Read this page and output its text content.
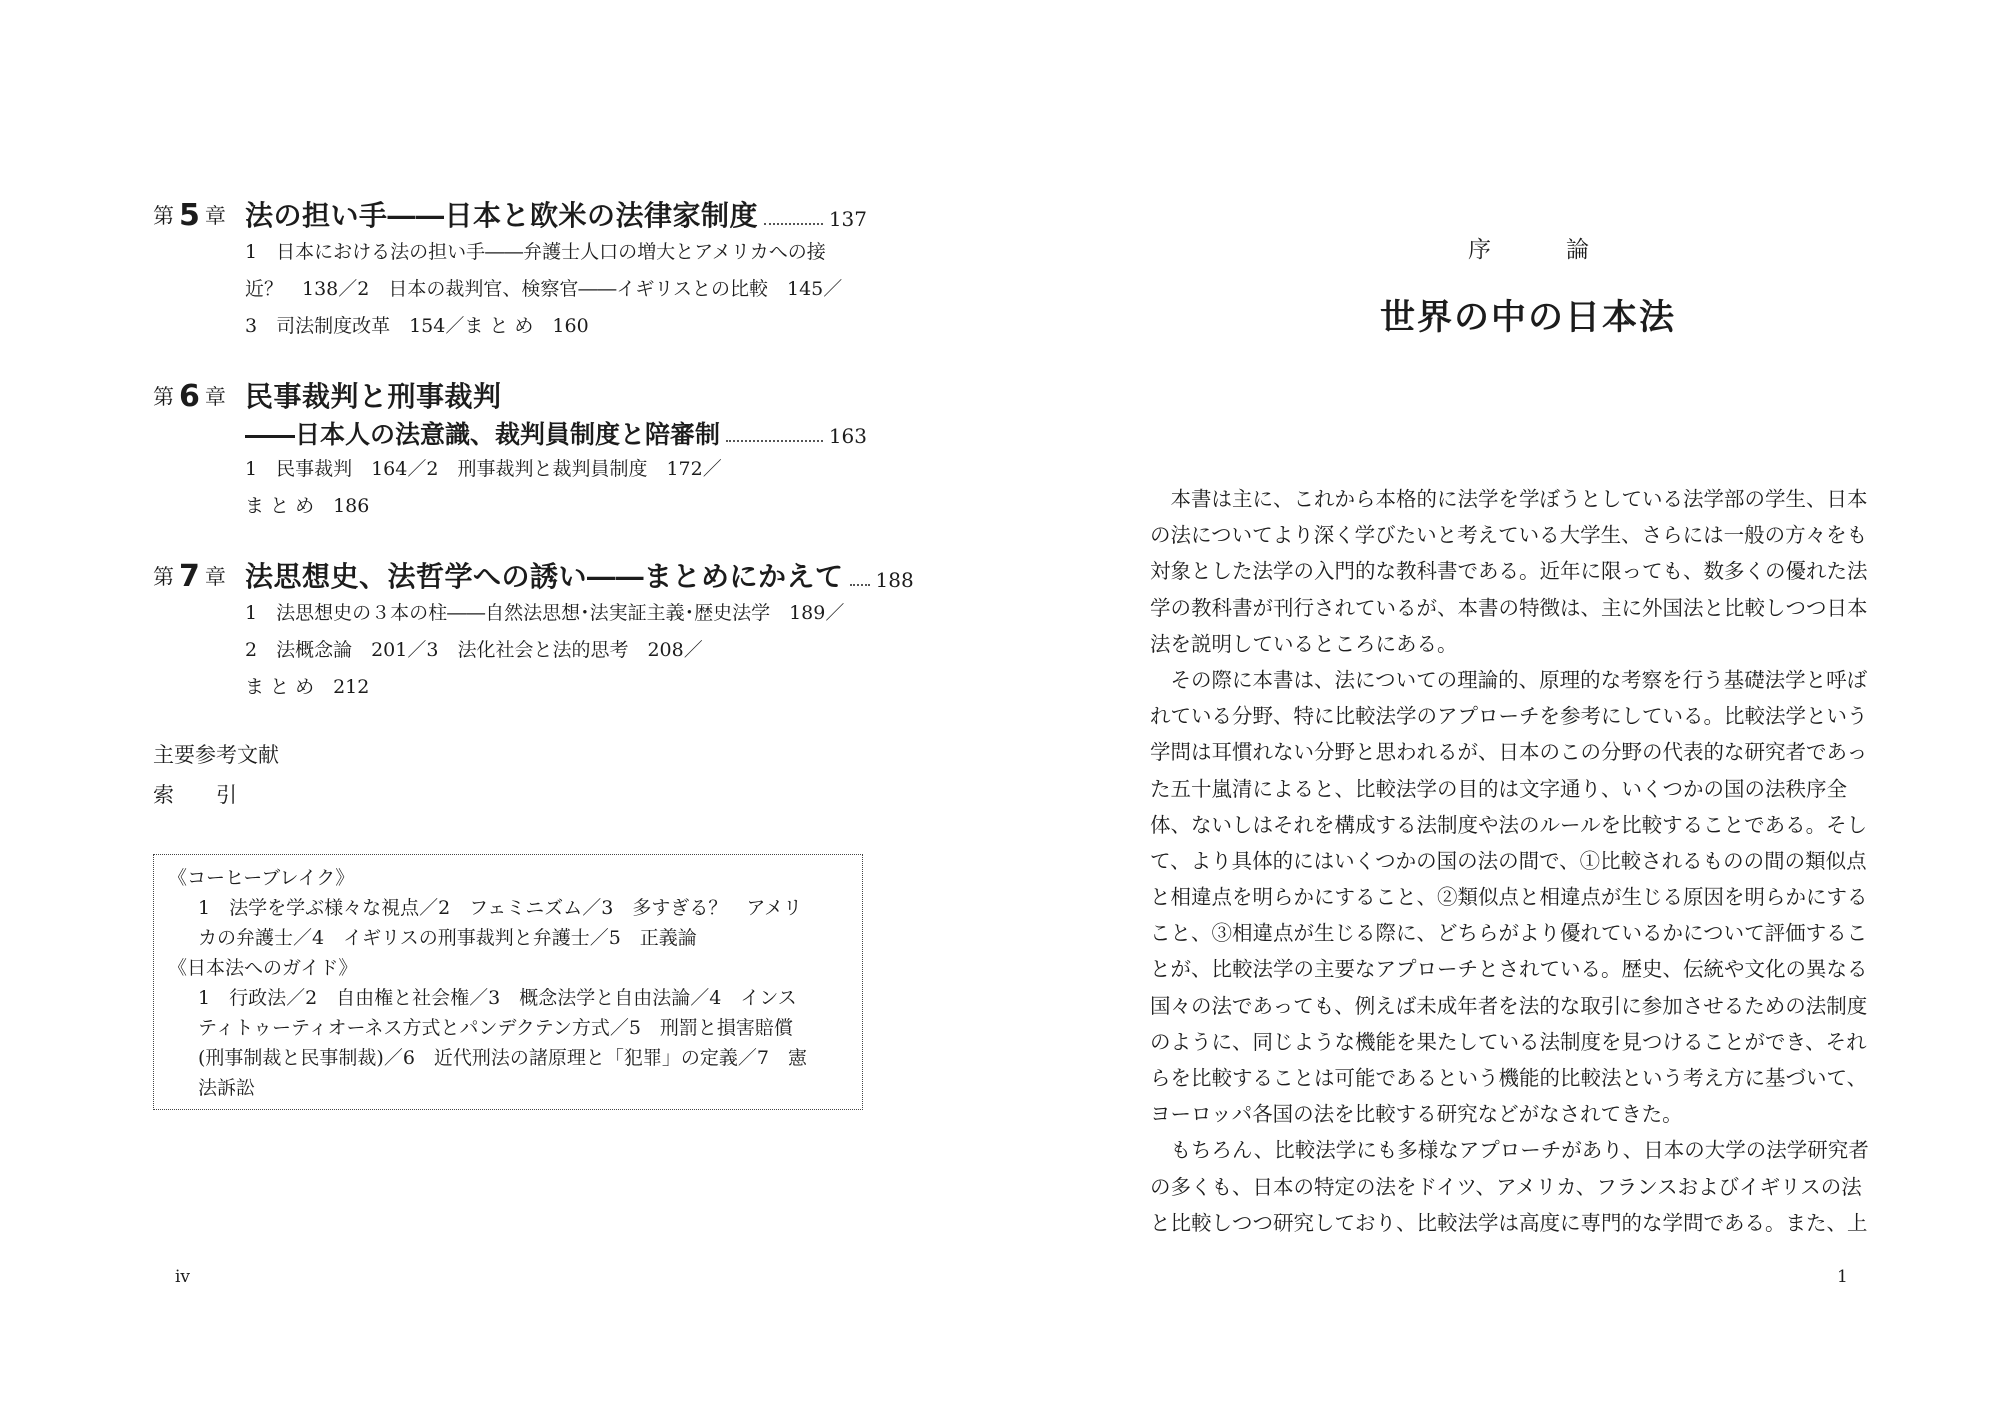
第 5 章 法の担い手――日本と欧米の法律家制度	137
1　日本における法の担い手――弁護士人口の増大とアメリカへの接
近？　138／2　日本の裁判官、検察官――イギリスとの比較　145／
3　司法制度改革　154／ま と め　160
第 6 章 民事裁判と刑事裁判
――日本人の法意識、裁判員制度と陪審制	163
1　民事裁判　164／2　刑事裁判と裁判員制度　172／
ま と め　186
第 7 章 法思想史、法哲学への誘い――まとめにかえて 188
1　法思想史の３本の柱――自然法思想･法実証主義･歴史法学　189／
2　法概念論　201／3　法化社会と法的思考　208／
ま と め　212
主要参考文献
索　　引
《コーヒーブレイク》
1　法学を学ぶ様々な視点／2　フェミニズム／3　多すぎる？　アメリ
カの弁護士／4　イギリスの刑事裁判と弁護士／5　正義論
《日本法へのガイド》
1　行政法／2　自由権と社会権／3　概念法学と自由法論／4　インス
ティトゥーティオーネス方式とパンデクテン方式／5　刑罰と損害賠償
(刑事制裁と民事制裁)／6　近代刑法の諸原理と「犯罪」の定義／7　憲
法訴訟
iv
序　論
世界の中の日本法
　本書は主に、これから本格的に法学を学ぼうとしている法学部の学生、日本
の法についてより深く学びたいと考えている大学生、さらには一般の方々をも
対象とした法学の入門的な教科書である。近年に限っても、数多くの優れた法
学の教科書が刊行されているが、本書の特徴は、主に外国法と比較しつつ日本
法を説明しているところにある。
　その際に本書は、法についての理論的、原理的な考察を行う基礎法学と呼ば
れている分野、特に比較法学のアプローチを参考にしている。比較法学という
学問は耳慣れない分野と思われるが、日本のこの分野の代表的な研究者であっ
た五十嵐清によると、比較法学の目的は文字通り、いくつかの国の法秩序全
体、ないしはそれを構成する法制度や法のルールを比較することである。そし
て、より具体的にはいくつかの国の法の間で、①比較されるものの間の類似点
と相違点を明らかにすること、②類似点と相違点が生じる原因を明らかにする
こと、③相違点が生じる際に、どちらがより優れているかについて評価するこ
とが、比較法学の主要なアプローチとされている。歴史、伝統や文化の異なる
国々の法であっても、例えば未成年者を法的な取引に参加させるための法制度
のように、同じような機能を果たしている法制度を見つけることができ、それ
らを比較することは可能であるという機能的比較法という考え方に基づいて、
ヨーロッパ各国の法を比較する研究などがなされてきた。
　もちろん、比較法学にも多様なアプローチがあり、日本の大学の法学研究者
の多くも、日本の特定の法をドイツ、アメリカ、フランスおよびイギリスの法
と比較しつつ研究しており、比較法学は高度に専門的な学問である。また、上
1
